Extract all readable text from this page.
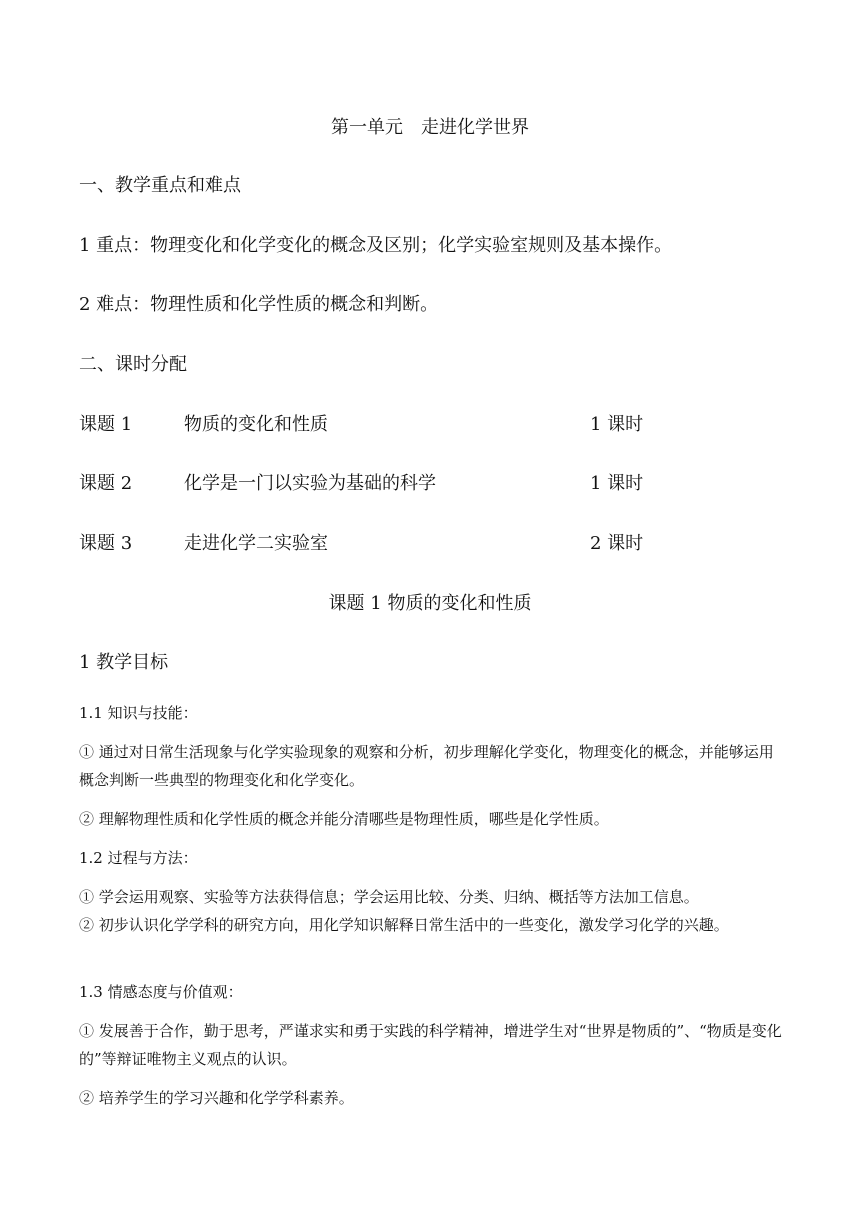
第一单元　走进化学世界
一、教学重点和难点
1 重点：物理变化和化学变化的概念及区别；化学实验室规则及基本操作。
2 难点：物理性质和化学性质的概念和判断。
二、课时分配
课题 1	物质的变化和性质	1 课时
课题 2	化学是一门以实验为基础的科学	1 课时
课题 3	走进化学二实验室	2 课时
课题 1 物质的变化和性质
1 教学目标
1.1 知识与技能：
① 通过对日常生活现象与化学实验现象的观察和分析，初步理解化学变化，物理变化的概念，并能够运用概念判断一些典型的物理变化和化学变化。
② 理解物理性质和化学性质的概念并能分清哪些是物理性质，哪些是化学性质。
1.2 过程与方法：
① 学会运用观察、实验等方法获得信息；学会运用比较、分类、归纳、概括等方法加工信息。
② 初步认识化学学科的研究方向，用化学知识解释日常生活中的一些变化，激发学习化学的兴趣。
1.3 情感态度与价值观：
① 发展善于合作，勤于思考，严谨求实和勇于实践的科学精神，增进学生对“世界是物质的”、“物质是变化的”等辩证唯物主义观点的认识。
② 培养学生的学习兴趣和化学学科素养。
